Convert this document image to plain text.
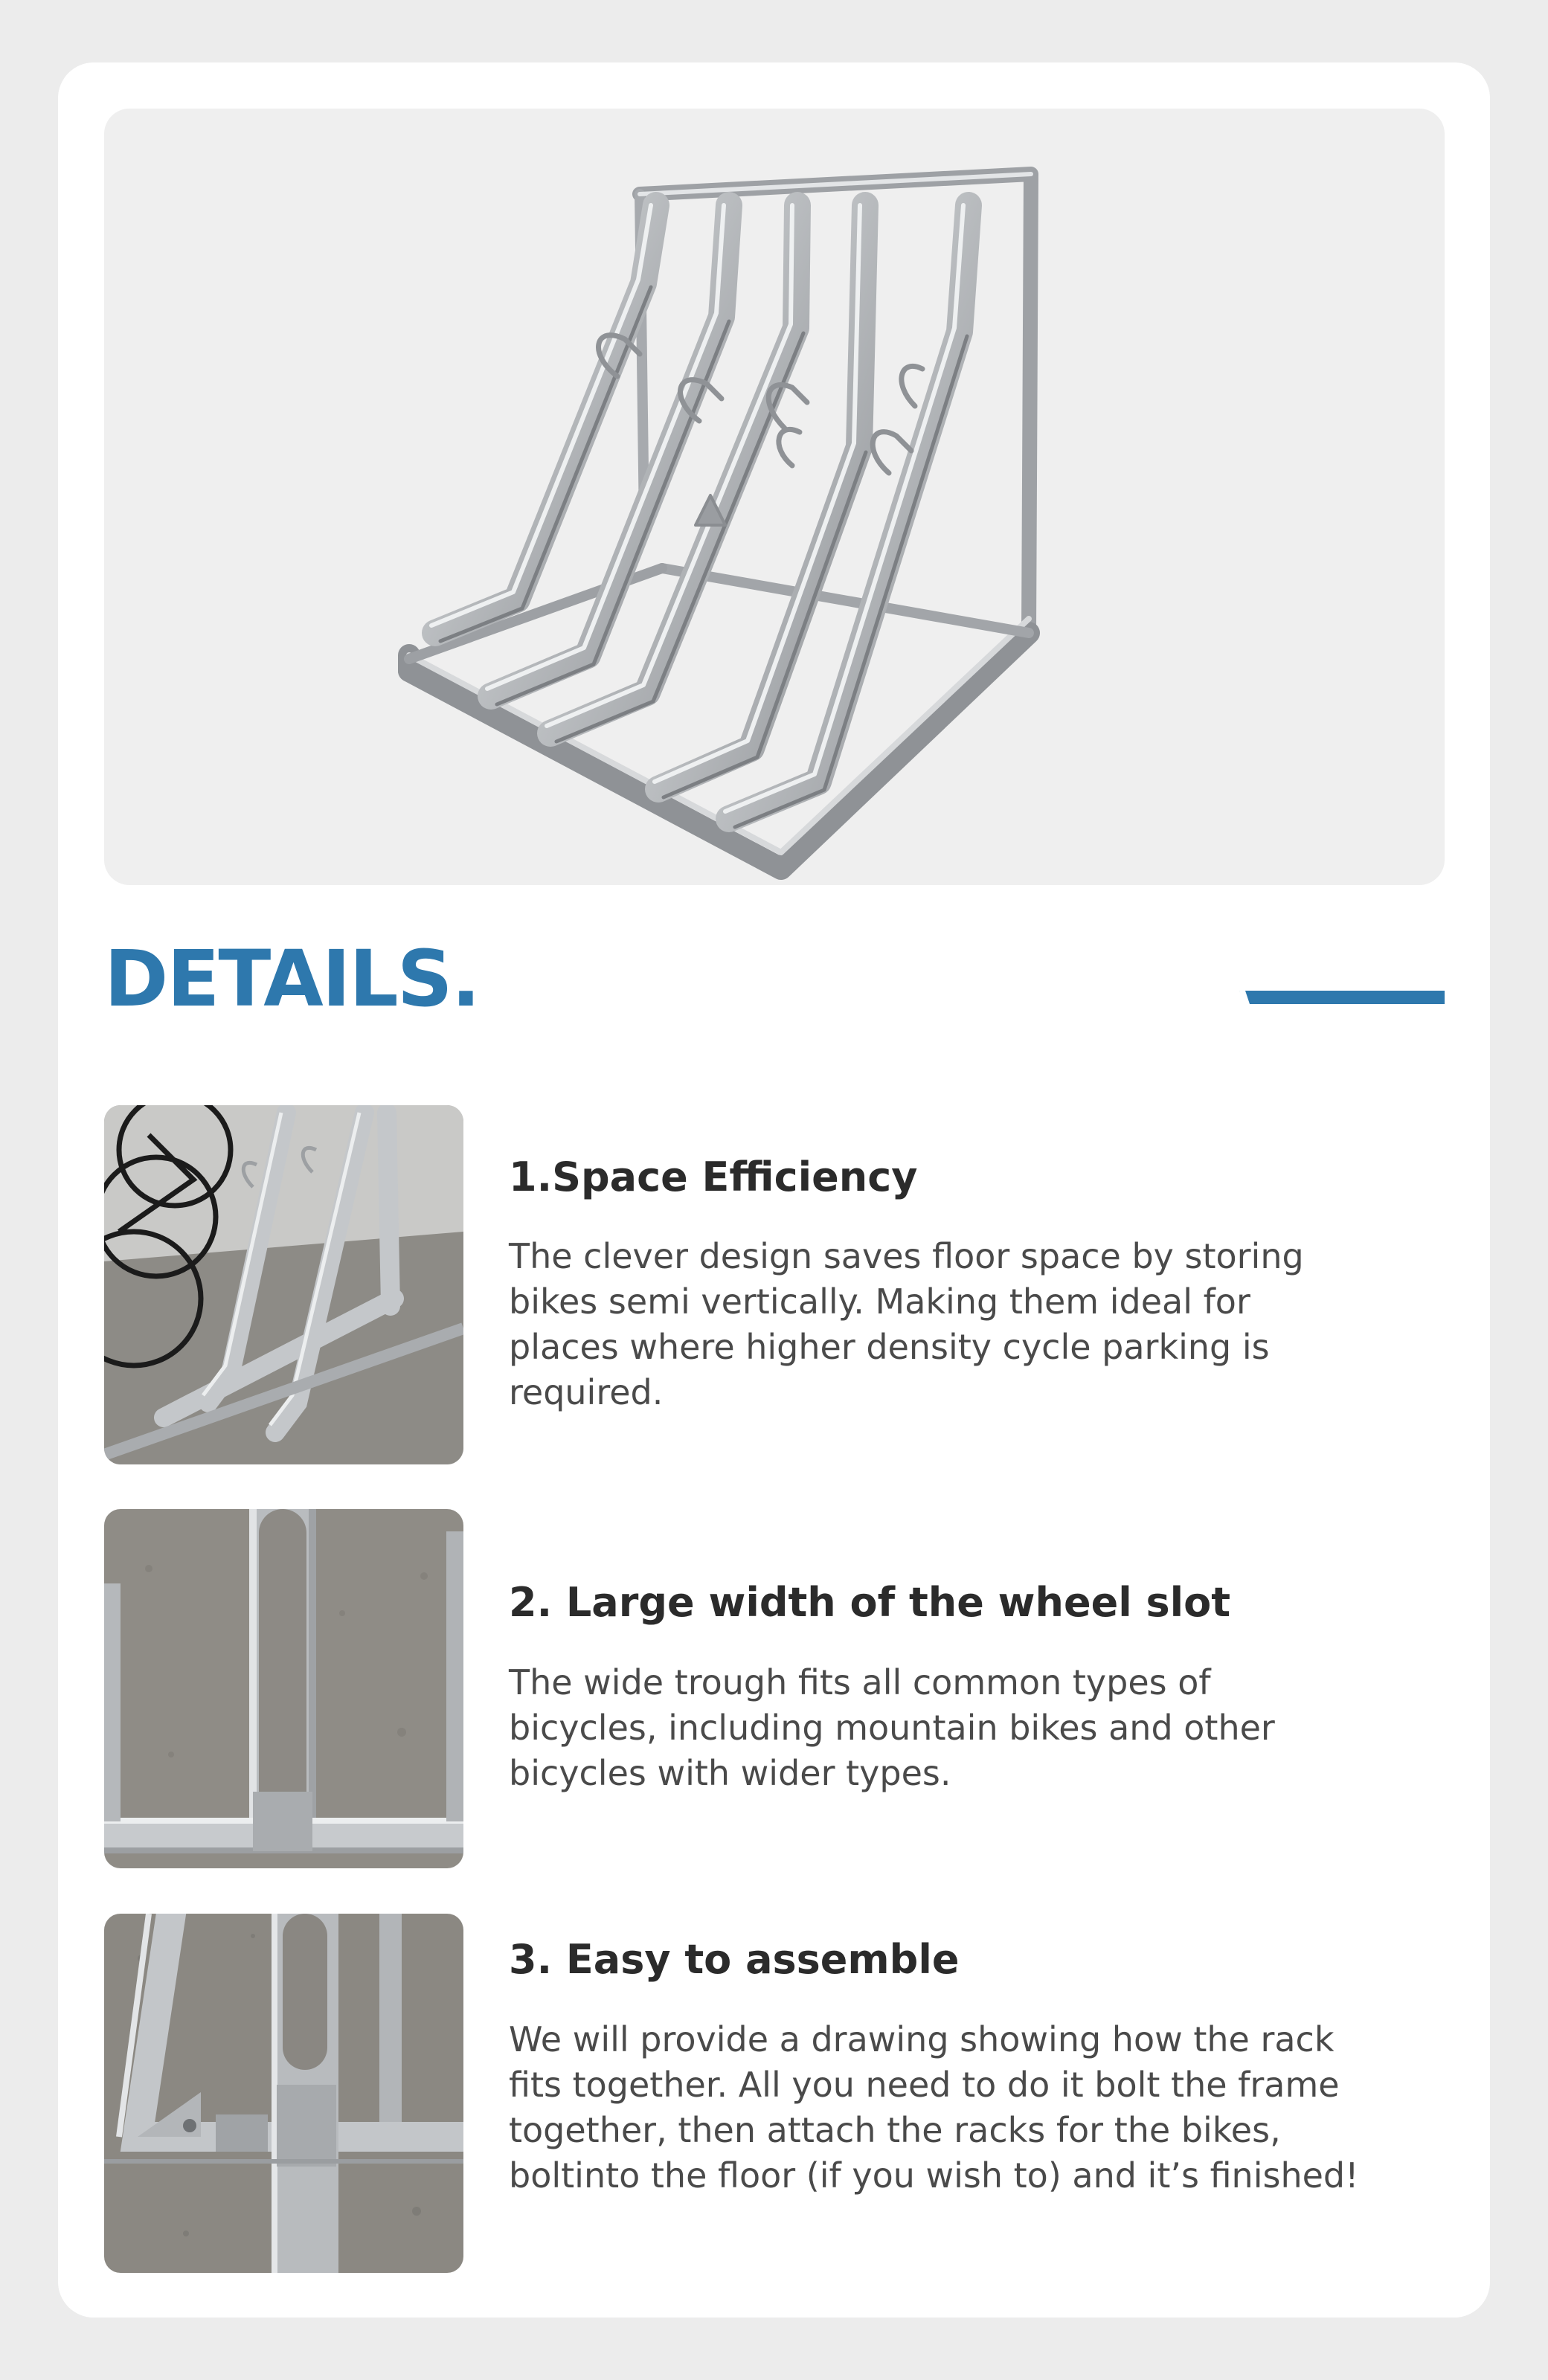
DETAILS.
1.Space Efficiency

The clever design saves floor space by storing bikes semi vertically. Making them ideal for places where higher density cycle parking is required.

2. Large width of the wheel slot

The wide trough fits all common types of bicycles, including mountain bikes and other bicycles with wider types.

3. Easy to assemble

We will provide a drawing showing how the rack fits together. All you need to do it bolt the frame together, then attach the racks for the bikes, boltinto the floor (if you wish to) and it’s finished!
